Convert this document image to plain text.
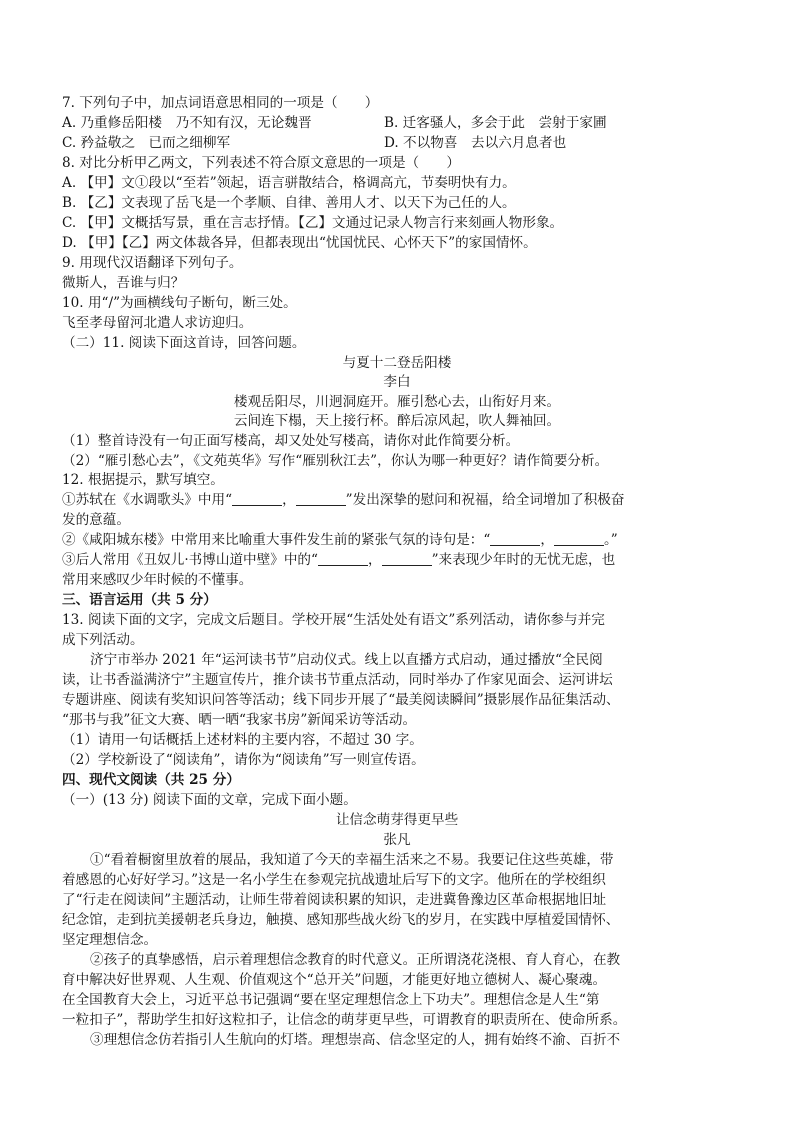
7. 下列句子中，加点词语意思相同的一项是（　　）
A. 乃重修岳阳楼　乃不知有汉，无论魏晋	B. 迁客骚人，多会于此　尝射于家圃
C. 矜益敬之　已而之细柳军	D. 不以物喜　去以六月息者也
8. 对比分析甲乙两文，下列表述不符合原文意思的一项是（　　）
A. 【甲】文①段以“至若”领起，语言骈散结合，格调高亢，节奏明快有力。
B. 【乙】文表现了岳飞是一个孝顺、自律、善用人才、以天下为己任的人。
C. 【甲】文概括写景，重在言志抒情。【乙】文通过记录人物言行来刻画人物形象。
D. 【甲】【乙】两文体裁各异，但都表现出“忧国忧民、心怀天下”的家国情怀。
9. 用现代汉语翻译下列句子。
微斯人，吾谁与归？
10. 用“/”为画横线句子断句，断三处。
飞至孝母留河北遣人求访迎归。
（二）11. 阅读下面这首诗，回答问题。
与夏十二登岳阳楼
李白
楼观岳阳尽，川迥洞庭开。雁引愁心去，山衔好月来。
云间连下榻，天上接行杯。醉后凉风起，吹人舞袖回。
（1）整首诗没有一句正面写楼高，却又处处写楼高，请你对此作简要分析。
（2）“雁引愁心去”，《文苑英华》写作“雁别秋江去”，你认为哪一种更好？请作简要分析。
12. 根据提示，默写填空。
①苏轼在《水调歌头》中用“	，	”发出深挚的慰问和祝福，给全词增加了积极奋
发的意蕴。
②《咸阳城东楼》中常用来比喻重大事件发生前的紧张气氛的诗句是：“	，	。”
③后人常用《丑奴儿·书博山道中壁》中的“	，	”来表现少年时的无忧无虑，也
常用来感叹少年时候的不懂事。
三、语言运用（共 5 分）
13. 阅读下面的文字，完成文后题目。学校开展“生活处处有语文”系列活动，请你参与并完
成下列活动。
济宁市举办 2021 年“运河读书节”启动仪式。线上以直播方式启动，通过播放“全民阅
读，让书香溢满济宁”主题宣传片，推介读书节重点活动，同时举办了作家见面会、运河讲坛
专题讲座、阅读有奖知识问答等活动；线下同步开展了“最美阅读瞬间”摄影展作品征集活动、
“那书与我”征文大赛、晒一晒“我家书房”新闻采访等活动。
（1）请用一句话概括上述材料的主要内容，不超过 30 字。
（2）学校新设了“阅读角”，请你为“阅读角”写一则宣传语。
四、现代文阅读（共 25 分）
（一）(13 分) 阅读下面的文章，完成下面小题。
让信念萌芽得更早些
张凡
①“看着橱窗里放着的展品，我知道了今天的幸福生活来之不易。我要记住这些英雄，带
着感恩的心好好学习。”这是一名小学生在参观完抗战遗址后写下的文字。他所在的学校组织
了“行走在阅读间”主题活动，让师生带着阅读积累的知识，走进冀鲁豫边区革命根据地旧址
纪念馆，走到抗美援朝老兵身边，触摸、感知那些战火纷飞的岁月，在实践中厚植爱国情怀、
坚定理想信念。
②孩子的真挚感悟，启示着理想信念教育的时代意义。正所谓浇花浇根、育人育心，在教
育中解决好世界观、人生观、价值观这个“总开关”问题，才能更好地立德树人、凝心聚魂。
在全国教育大会上，习近平总书记强调“要在坚定理想信念上下功夫”。理想信念是人生“第
一粒扣子”，帮助学生扣好这粒扣子，让信念的萌芽更早些，可谓教育的职责所在、使命所系。
③理想信念仿若指引人生航向的灯塔。理想崇高、信念坚定的人，拥有始终不渝、百折不
